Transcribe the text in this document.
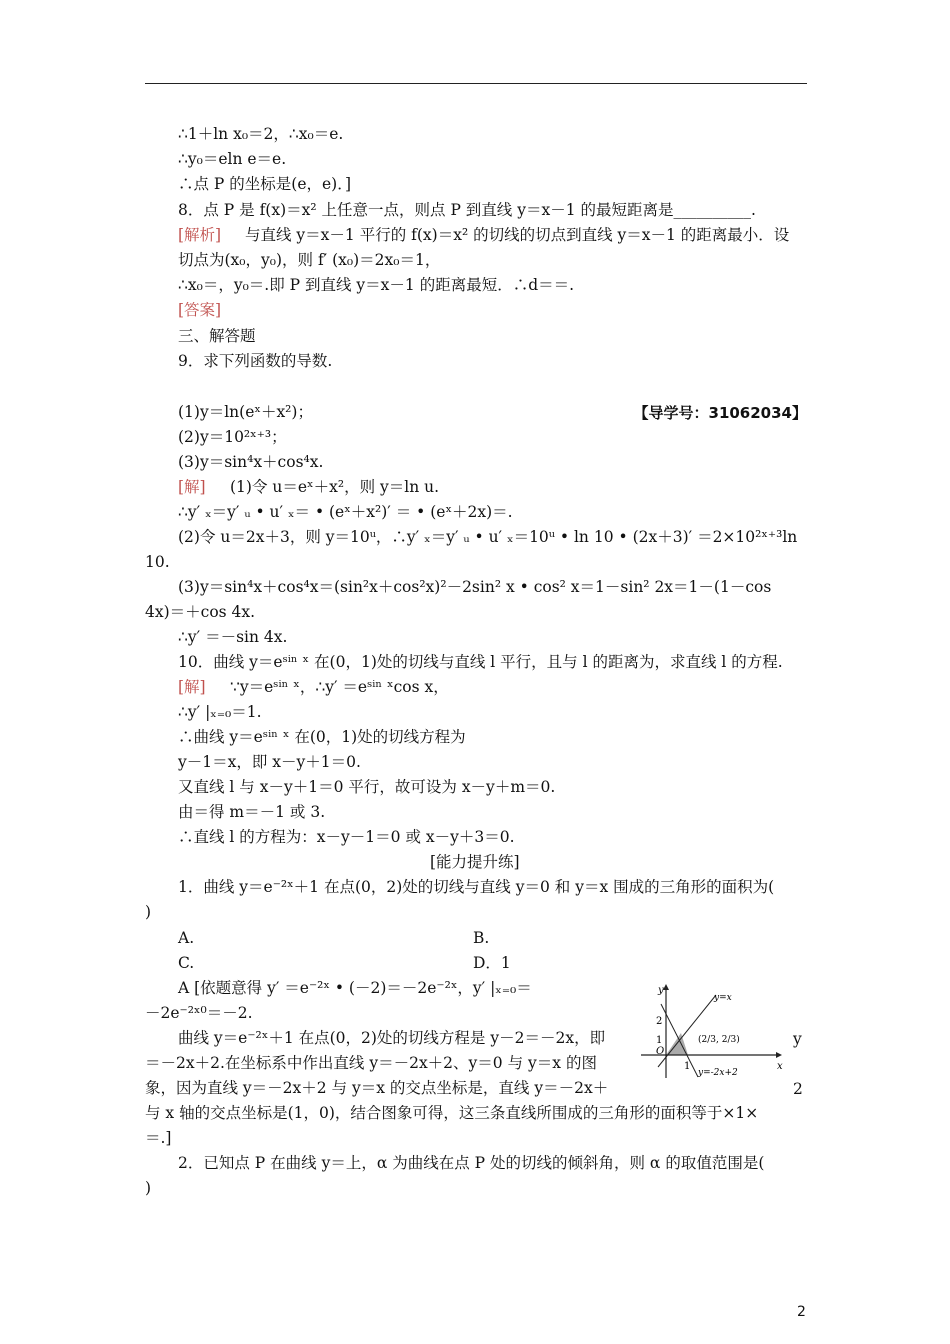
∴1＋ln x₀＝2，∴x₀＝e.
∴y₀＝eln e＝e.
∴点 P 的坐标是(e，e)．]
8．点 P 是 f(x)＝x² 上任意一点，则点 P 到直线 y＝x－1 的最短距离是__________.
与直线 y＝x－1 平行的 f(x)＝x² 的切线的切点到直线 y＝x－1 的距离最小．设
切点为(x₀，y₀)，则 f′ (x₀)＝2x₀＝1，
∴x₀＝，y₀＝.即 P 到直线 y＝x－1 的距离最短．∴d＝＝.
三、解答题
9．求下列函数的导数.
(1)y＝ln(eˣ＋x²)；
(2)y＝10²ˣ⁺³；
(3)y＝sin⁴x＋cos⁴x.
(1)令 u＝eˣ＋x²，则 y＝ln u.
∴y′ ₓ＝y′ ᵤ • u′ ₓ＝ • (eˣ＋x²)′ ＝ • (eˣ＋2x)＝.
(2)令 u＝2x＋3，则 y＝10ᵘ，∴y′ ₓ＝y′ ᵤ • u′ ₓ＝10ᵘ • ln 10 • (2x＋3)′ ＝2×10²ˣ⁺³ln
10.
(3)y＝sin⁴x＋cos⁴x＝(sin²x＋cos²x)²－2sin² x • cos² x＝1－sin² 2x＝1－(1－cos
4x)＝＋cos 4x.
∴y′ ＝－sin 4x.
10．曲线 y＝eˢⁱⁿ ˣ 在(0，1)处的切线与直线 l 平行，且与 l 的距离为，求直线 l 的方程.
∵y＝eˢⁱⁿ ˣ，∴y′ ＝eˢⁱⁿ ˣcos x，
∴y′ |ₓ₌₀＝1.
∴曲线 y＝eˢⁱⁿ ˣ 在(0，1)处的切线方程为
y－1＝x，即 x－y＋1＝0.
又直线 l 与 x－y＋1＝0 平行，故可设为 x－y＋m＝0.
由＝得 m＝－1 或 3.
∴直线 l 的方程为：x－y－1＝0 或 x－y＋3＝0.
[能力提升练]
1．曲线 y＝e⁻²ˣ＋1 在点(0，2)处的切线与直线 y＝0 和 y＝x 围成的三角形的面积为(
)
A.	B.
C.	D．1
A [依题意得 y′ ＝e⁻²ˣ • (－2)＝－2e⁻²ˣ，y′ |ₓ₌₀＝
－2e⁻²ˣ⁰＝－2.
曲线 y＝e⁻²ˣ＋1 在点(0，2)处的切线方程是 y－2＝－2x，即
＝－2x＋2.在坐标系中作出直线 y＝－2x＋2、y＝0 与 y＝x 的图
象，因为直线 y＝－2x＋2 与 y＝x 的交点坐标是，直线 y＝－2x＋
与 x 轴的交点坐标是(1，0)，结合图象可得，这三条直线所围成的三角形的面积等于×1×
＝.]
2．已知点 P 在曲线 y＝上，α 为曲线在点 P 处的切线的倾斜角，则 α 的取值范围是(
)
[解析]
[答案]
【导学号：31062034】
[解]
[解]
y
2
y
x
O
2
1
1
y=x
y=-2x+2
(2/3, 2/3)
2
